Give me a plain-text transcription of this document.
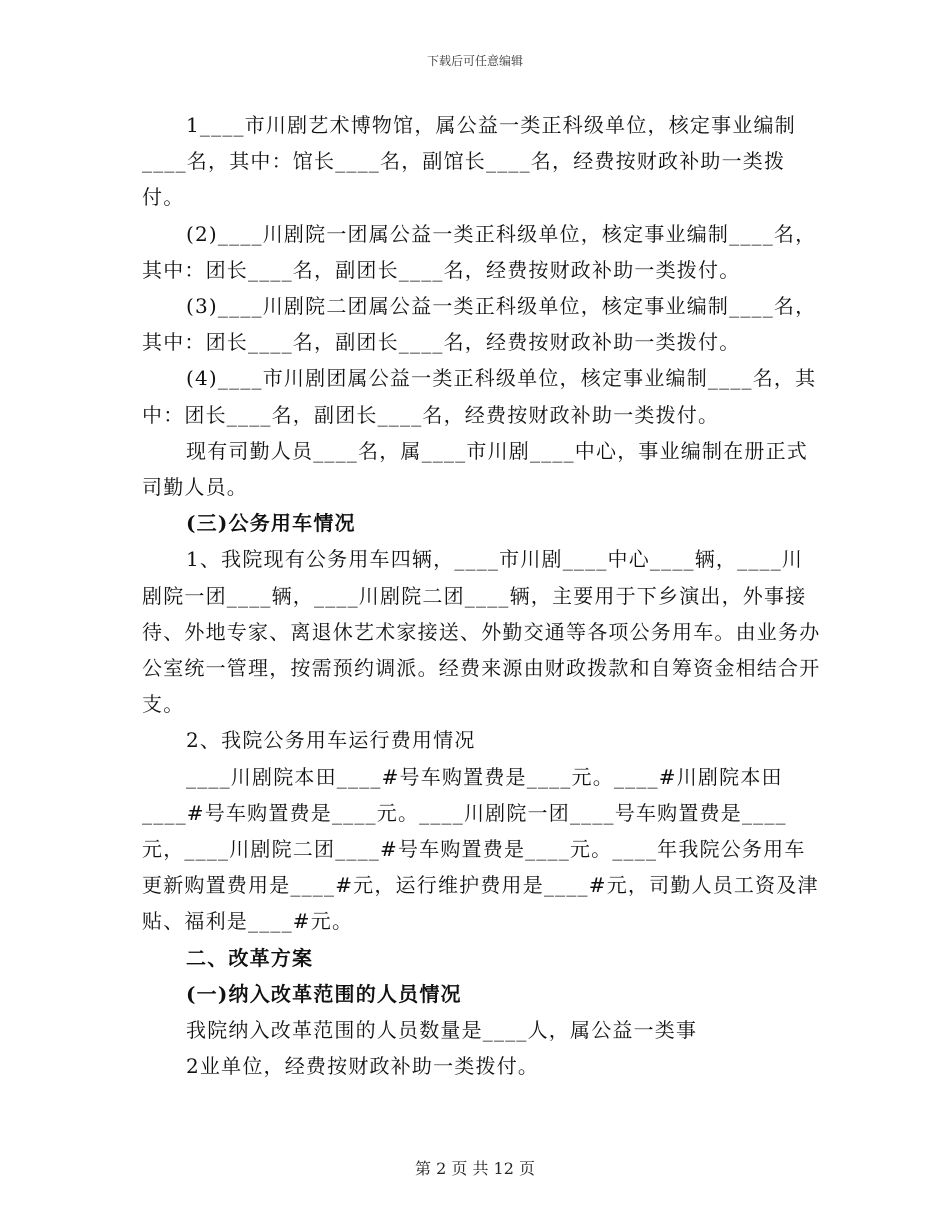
下载后可任意编辑

1____市川剧艺术博物馆，属公益一类正科级单位，核定事业编制____名，其中：馆长____名，副馆长____名，经费按财政补助一类拨付。

(2)____川剧院一团属公益一类正科级单位，核定事业编制____名，其中：团长____名，副团长____名，经费按财政补助一类拨付。

(3)____川剧院二团属公益一类正科级单位，核定事业编制____名，其中：团长____名，副团长____名，经费按财政补助一类拨付。

(4)____市川剧团属公益一类正科级单位，核定事业编制____名，其中：团长____名，副团长____名，经费按财政补助一类拨付。

现有司勤人员____名，属____市川剧____中心，事业编制在册正式司勤人员。

(三)公务用车情况

1、我院现有公务用车四辆，____市川剧____中心____辆，____川剧院一团____辆，____川剧院二团____辆，主要用于下乡演出，外事接待、外地专家、离退休艺术家接送、外勤交通等各项公务用车。由业务办公室统一管理，按需预约调派。经费来源由财政拨款和自筹资金相结合开支。

2、我院公务用车运行费用情况

____川剧院本田____#号车购置费是____元。____#川剧院本田____#号车购置费是____元。____川剧院一团____号车购置费是____元，____川剧院二团____#号车购置费是____元。____年我院公务用车更新购置费用是____#元，运行维护费用是____#元，司勤人员工资及津贴、福利是____#元。

二、改革方案

(一)纳入改革范围的人员情况

我院纳入改革范围的人员数量是____人，属公益一类事

2业单位，经费按财政补助一类拨付。

第 2 页 共 12 页
